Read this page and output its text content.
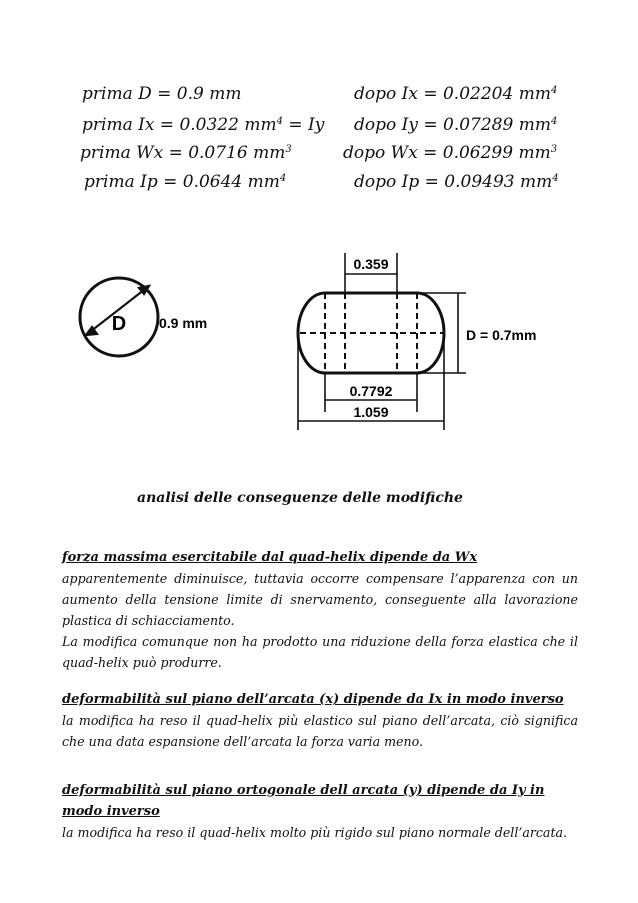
prima D = 0.9 mm
prima Ix = 0.0322 $mm^4 = Iy$
prima Wx = 0.0716 $mm^3$
prima Ip = 0.0644 $mm^4$
dopo Ix = 0.02204 $mm^4$
dopo Iy = 0.07289 $mm^4$
dopo Wx = 0.06299 $mm^3$
dopo Ip = 0.09493 $mm^4$
D 0.9 mm
0.359
D = 0.7mm
0.7792
1.059
analisi delle conseguenze delle modifiche
forza massima esercitabile dal quad-helix dipende da Wx
apparentemente diminuisce, tuttavia occorre compensare l’apparenza con un aumento della tensione limite di snervamento, conseguente alla lavorazione plastica di schiacciamento.
La modifica comunque non ha prodotto una riduzione della forza elastica che il quad-helix può produrre.
deformabilità sul piano dell’arcata (x) dipende da Ix in modo inverso
la modifica ha reso il quad-helix più elastico sul piano dell’arcata, ciò significa che una data espansione dell’arcata la forza varia meno.
deformabilità sul piano ortogonale dell arcata (y) dipende da Iy in modo inverso
la modifica ha reso il quad-helix molto più rigido sul piano normale dell’arcata.
